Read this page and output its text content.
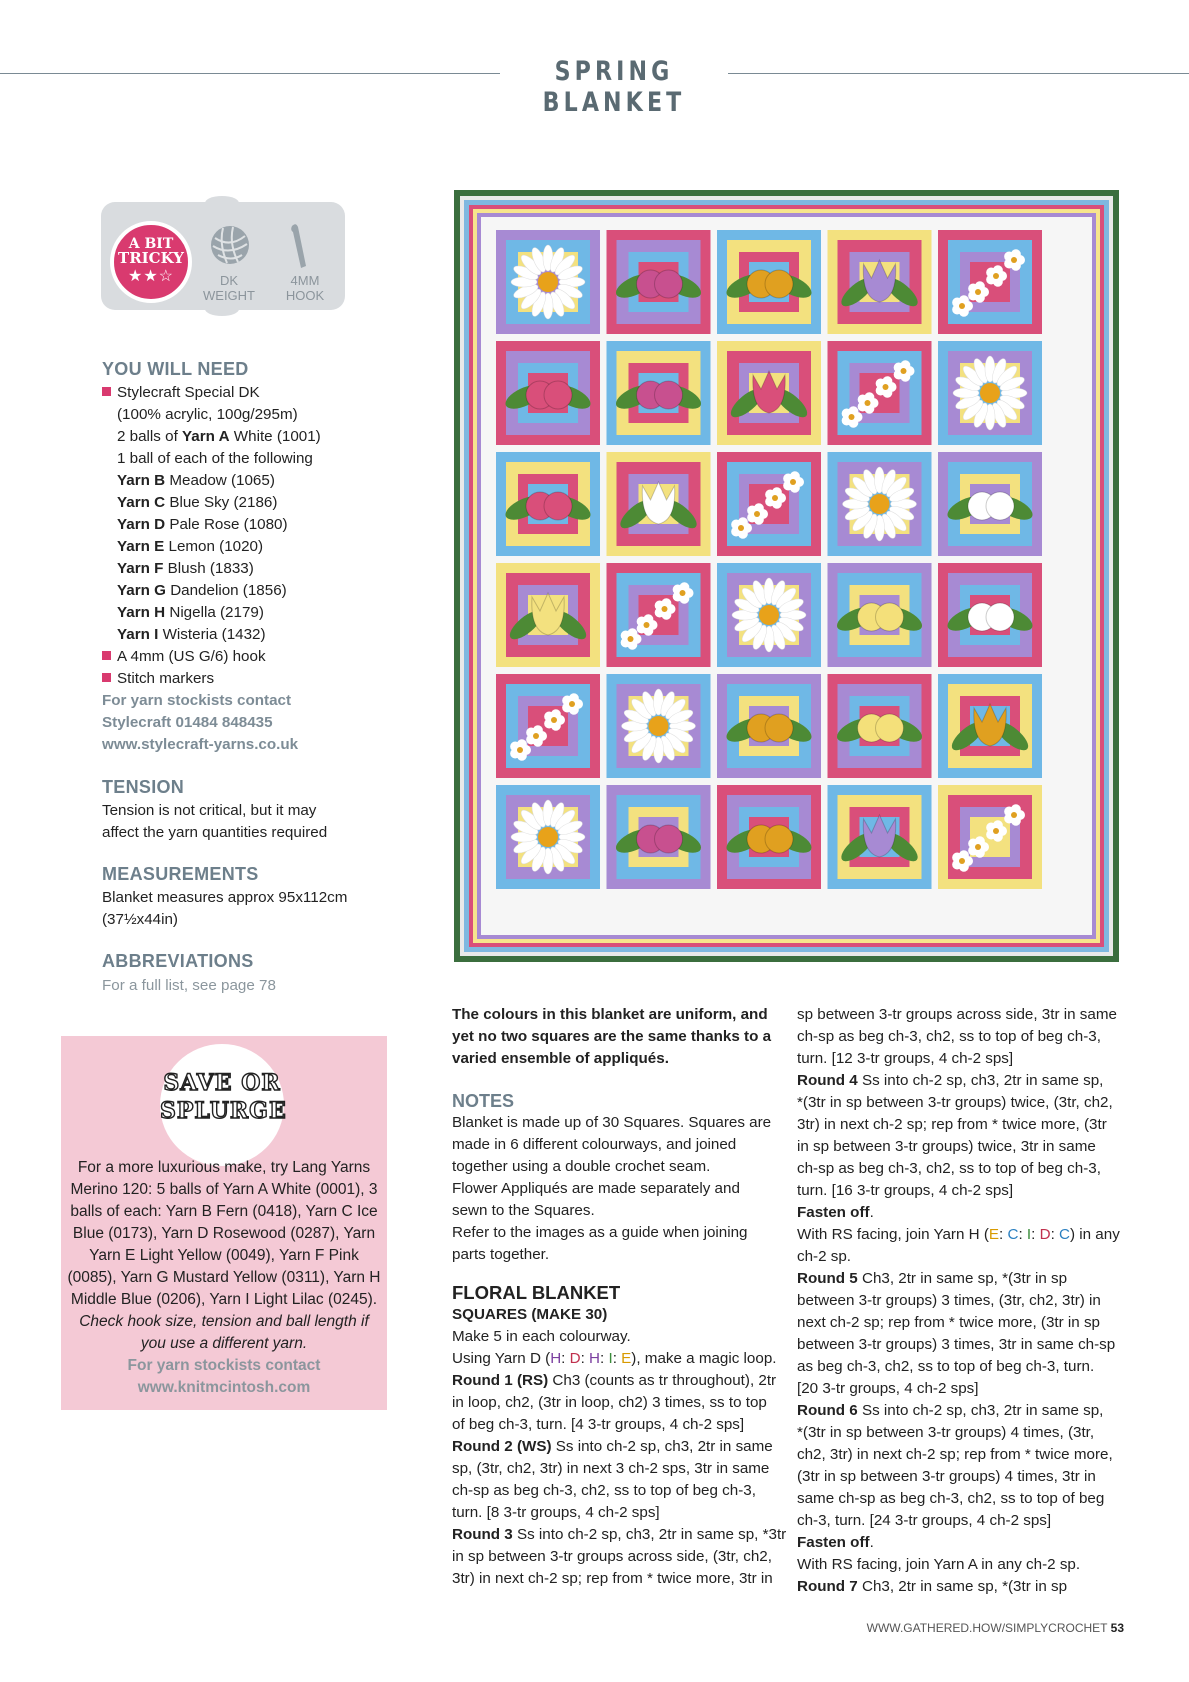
SPRING BLANKET
A BIT
TRICKY
★★☆	DK
WEIGHT
4MM
HOOK
YOU WILL NEED
Stylecraft Special DK
(100% acrylic, 100g/295m)
2 balls of Yarn A White (1001)
1 ball of each of the following
Yarn B Meadow (1065)
Yarn C Blue Sky (2186)
Yarn D Pale Rose (1080)
Yarn E Lemon (1020)
Yarn F Blush (1833)
Yarn G Dandelion (1856)
Yarn H Nigella (2179)
Yarn I Wisteria (1432)
A 4mm (US G/6) hook
Stitch markers
For yarn stockists contact
Stylecraft 01484 848435
www.stylecraft-yarns.co.uk
TENSION
Tension is not critical, but it may
affect the yarn quantities required
MEASUREMENTS
Blanket measures approx 95x112cm
(37½x44in)
ABBREVIATIONS
For a full list, see page 78
SAVE OR
SPLURGE
For a more luxurious make, try Lang Yarns Merino 120: 5 balls of Yarn A White (0001), 3 balls of each: Yarn B Fern (0418), Yarn C Ice Blue (0173), Yarn D Rosewood (0287), Yarn Yarn E Light Yellow (0049), Yarn F Pink (0085), Yarn G Mustard Yellow (0311), Yarn H Middle Blue (0206), Yarn I Light Lilac (0245). Check hook size, tension and ball length if you use a different yarn.
For yarn stockists contact
www.knitmcintosh.com
The colours in this blanket are uniform, and
yet no two squares are the same thanks to a
varied ensemble of appliqués.
NOTES
Blanket is made up of 30 Squares. Squares are
made in 6 different colourways, and joined
together using a double crochet seam.
Flower Appliqués are made separately and
sewn to the Squares.
Refer to the images as a guide when joining
parts together.
FLORAL BLANKET
SQUARES (MAKE 30)
Make 5 in each colourway.
Using Yarn D (H: D: H: I: E), make a magic loop.
Round 1 (RS) Ch3 (counts as tr throughout), 2tr
in loop, ch2, (3tr in loop, ch2) 3 times, ss to top
of beg ch-3, turn. [4 3-tr groups, 4 ch-2 sps]
Round 2 (WS) Ss into ch-2 sp, ch3, 2tr in same
sp, (3tr, ch2, 3tr) in next 3 ch-2 sps, 3tr in same
ch-sp as beg ch-3, ch2, ss to top of beg ch-3,
turn. [8 3-tr groups, 4 ch-2 sps]
Round 3 Ss into ch-2 sp, ch3, 2tr in same sp, *3tr
in sp between 3-tr groups across side, (3tr, ch2,
3tr) in next ch-2 sp; rep from * twice more, 3tr in
sp between 3-tr groups across side, 3tr in same
ch-sp as beg ch-3, ch2, ss to top of beg ch-3,
turn. [12 3-tr groups, 4 ch-2 sps]
Round 4 Ss into ch-2 sp, ch3, 2tr in same sp,
*(3tr in sp between 3-tr groups) twice, (3tr, ch2,
3tr) in next ch-2 sp; rep from * twice more, (3tr
in sp between 3-tr groups) twice, 3tr in same
ch-sp as beg ch-3, ch2, ss to top of beg ch-3,
turn. [16 3-tr groups, 4 ch-2 sps]
Fasten off.
With RS facing, join Yarn H (E: C: I: D: C) in any
ch-2 sp.
Round 5 Ch3, 2tr in same sp, *(3tr in sp
between 3-tr groups) 3 times, (3tr, ch2, 3tr) in
next ch-2 sp; rep from * twice more, (3tr in sp
between 3-tr groups) 3 times, 3tr in same ch-sp
as beg ch-3, ch2, ss to top of beg ch-3, turn.
[20 3-tr groups, 4 ch-2 sps]
Round 6 Ss into ch-2 sp, ch3, 2tr in same sp,
*(3tr in sp between 3-tr groups) 4 times, (3tr,
ch2, 3tr) in next ch-2 sp; rep from * twice more,
(3tr in sp between 3-tr groups) 4 times, 3tr in
same ch-sp as beg ch-3, ch2, ss to top of beg
ch-3, turn. [24 3-tr groups, 4 ch-2 sps]
Fasten off.
With RS facing, join Yarn A in any ch-2 sp.
Round 7 Ch3, 2tr in same sp, *(3tr in sp
WWW.GATHERED.HOW/SIMPLYCROCHET 53
